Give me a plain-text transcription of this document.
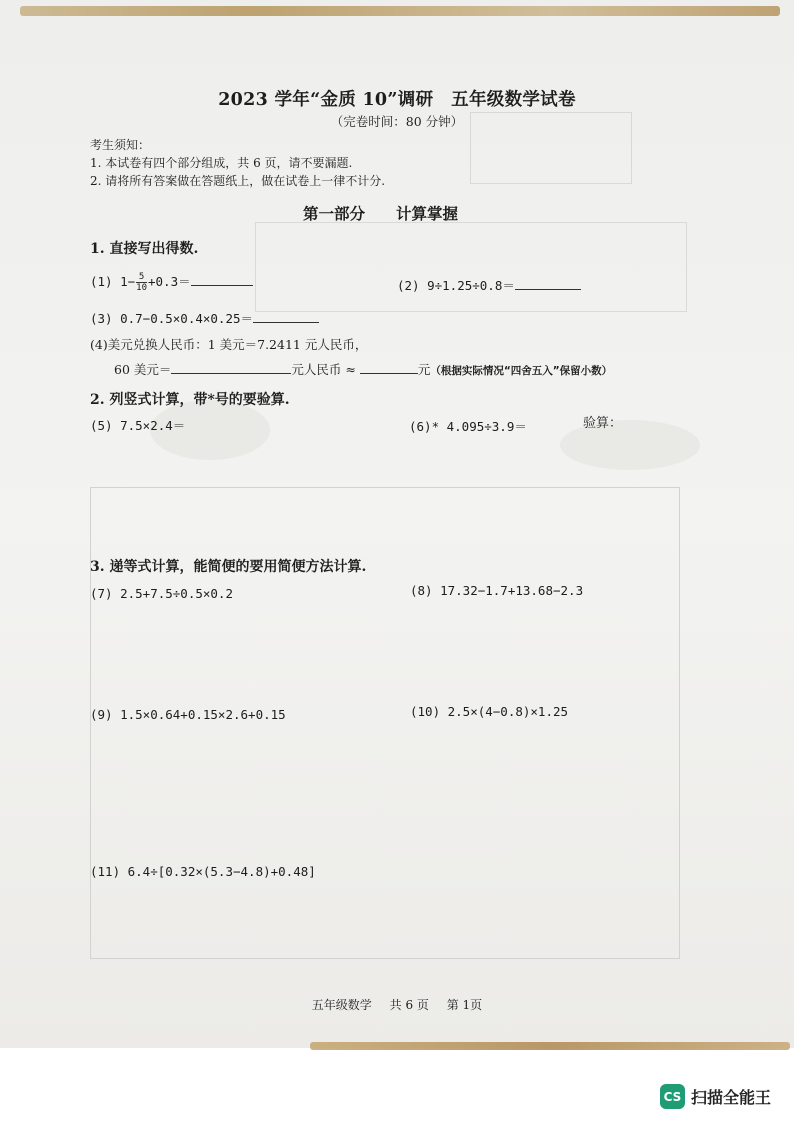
2023 学年“金质 10”调研　五年级数学试卷
（完卷时间：80 分钟）
考生须知：
1. 本试卷有四个部分组成，共 6 页，请不要漏题.
2. 请将所有答案做在答题纸上，做在试卷上一律不计分.
第一部分　　计算掌握
1. 直接写出得数.
(1) $1- \frac{5}{10} +0.3=$	(2) 9÷1.25÷0.8＝
(3) 0.7−0.5×0.4×0.25＝
(4)美元兑换人民币：1 美元＝7.2411 元人民币，
60 美元＝	元人民币 ≈	元（根据实际情况“四舍五入”保留小数）
2. 列竖式计算，带*号的要验算.
(5) 7.5×2.4＝	(6)* 4.095÷3.9＝	验算：
3. 递等式计算，能简便的要用简便方法计算.
(7) 2.5+7.5÷0.5×0.2	(8) 17.32−1.7+13.68−2.3
(9) 1.5×0.64+0.15×2.6+0.15	(10) 2.5×(4−0.8)×1.25
(11) 6.4÷[0.32×(5.3−4.8)+0.48]
五年级数学 共 6 页 第 1页
CS 扫描全能王
